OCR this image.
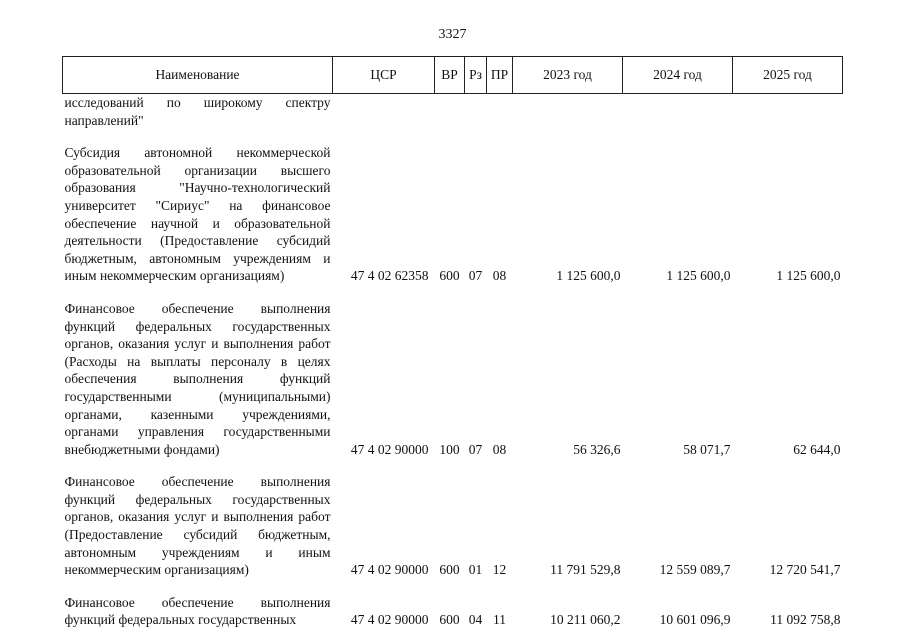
3327
Наименование	ЦСР	ВР	Рз	ПР	2023 год	2024 год	2025 год
исследований по широкому спектру направлений"							

Субсидия автономной некоммерческой образовательной организации высшего образования "Научно-технологический университет "Сириус" на финансовое обеспечение научной и образовательной деятельности (Предоставление субсидий бюджетным, автономным учреждениям и иным некоммерческим организациям)	47 4 02 62358	600	07	08	1 125 600,0	1 125 600,0	1 125 600,0

Финансовое обеспечение выполнения функций федеральных государственных органов, оказания услуг и выполнения работ (Расходы на выплаты персоналу в целях обеспечения выполнения функций государственными (муниципальными) органами, казенными учреждениями, органами управления государственными внебюджетными фондами)	47 4 02 90000	100	07	08	56 326,6	58 071,7	62 644,0

Финансовое обеспечение выполнения функций федеральных государственных органов, оказания услуг и выполнения работ (Предоставление субсидий бюджетным, автономным учреждениям и иным некоммерческим организациям)	47 4 02 90000	600	01	12	11 791 529,8	12 559 089,7	12 720 541,7

Финансовое обеспечение выполнения функций федеральных государственных	47 4 02 90000	600	04	11	10 211 060,2	10 601 096,9	11 092 758,8
